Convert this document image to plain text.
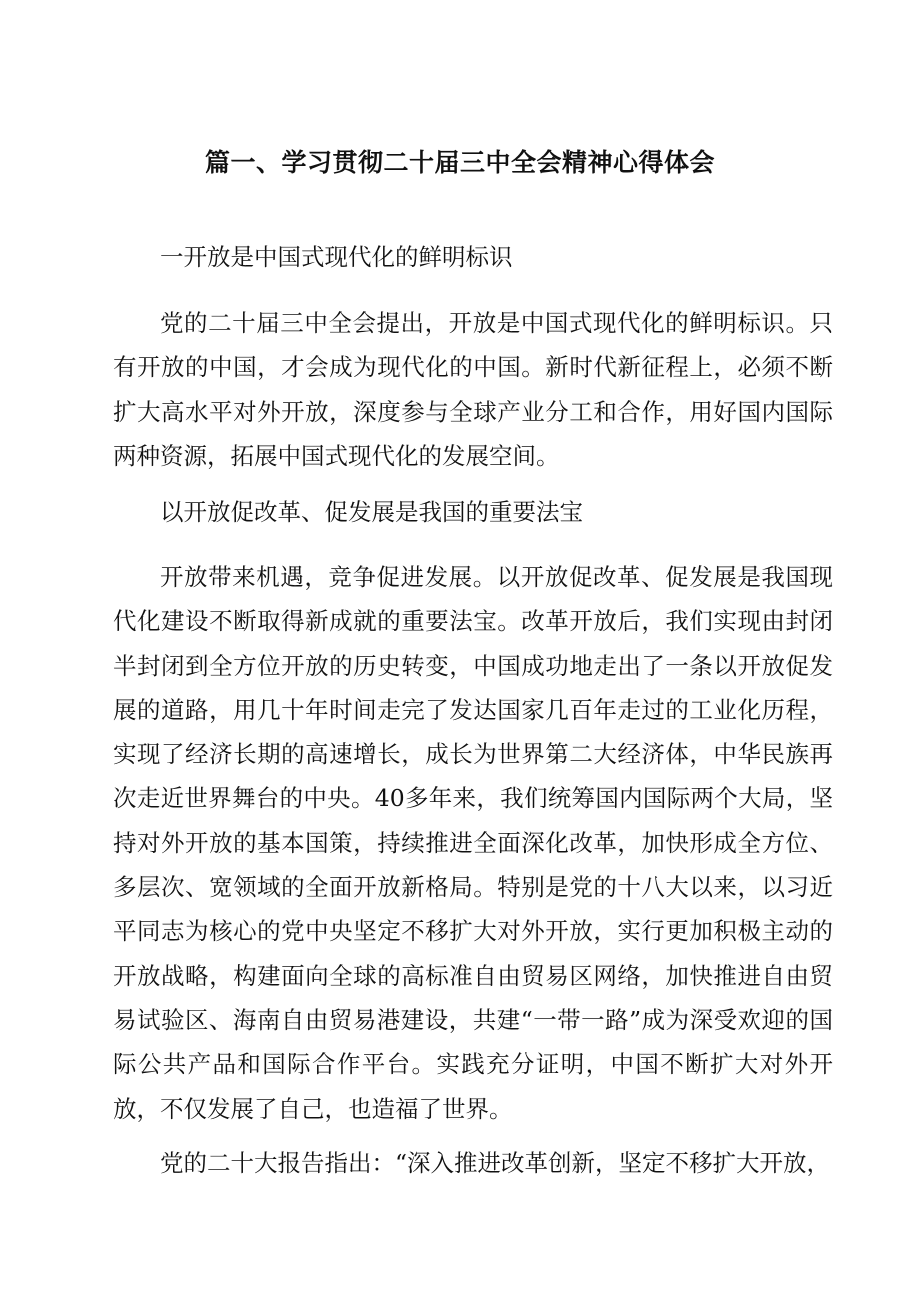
篇一、学习贯彻二十届三中全会精神心得体会

一开放是中国式现代化的鲜明标识

党的二十届三中全会提出，开放是中国式现代化的鲜明标识。只有开放的中国，才会成为现代化的中国。新时代新征程上，必须不断扩大高水平对外开放，深度参与全球产业分工和合作，用好国内国际两种资源，拓展中国式现代化的发展空间。

以开放促改革、促发展是我国的重要法宝

开放带来机遇，竞争促进发展。以开放促改革、促发展是我国现代化建设不断取得新成就的重要法宝。改革开放后，我们实现由封闭半封闭到全方位开放的历史转变，中国成功地走出了一条以开放促发展的道路，用几十年时间走完了发达国家几百年走过的工业化历程，实现了经济长期的高速增长，成长为世界第二大经济体，中华民族再次走近世界舞台的中央。40多年来，我们统筹国内国际两个大局，坚持对外开放的基本国策，持续推进全面深化改革，加快形成全方位、多层次、宽领域的全面开放新格局。特别是党的十八大以来，以习近平同志为核心的党中央坚定不移扩大对外开放，实行更加积极主动的开放战略，构建面向全球的高标准自由贸易区网络，加快推进自由贸易试验区、海南自由贸易港建设，共建“一带一路”成为深受欢迎的国际公共产品和国际合作平台。实践充分证明，中国不断扩大对外开放，不仅发展了自己，也造福了世界。

党的二十大报告指出：“深入推进改革创新，坚定不移扩大开放，
